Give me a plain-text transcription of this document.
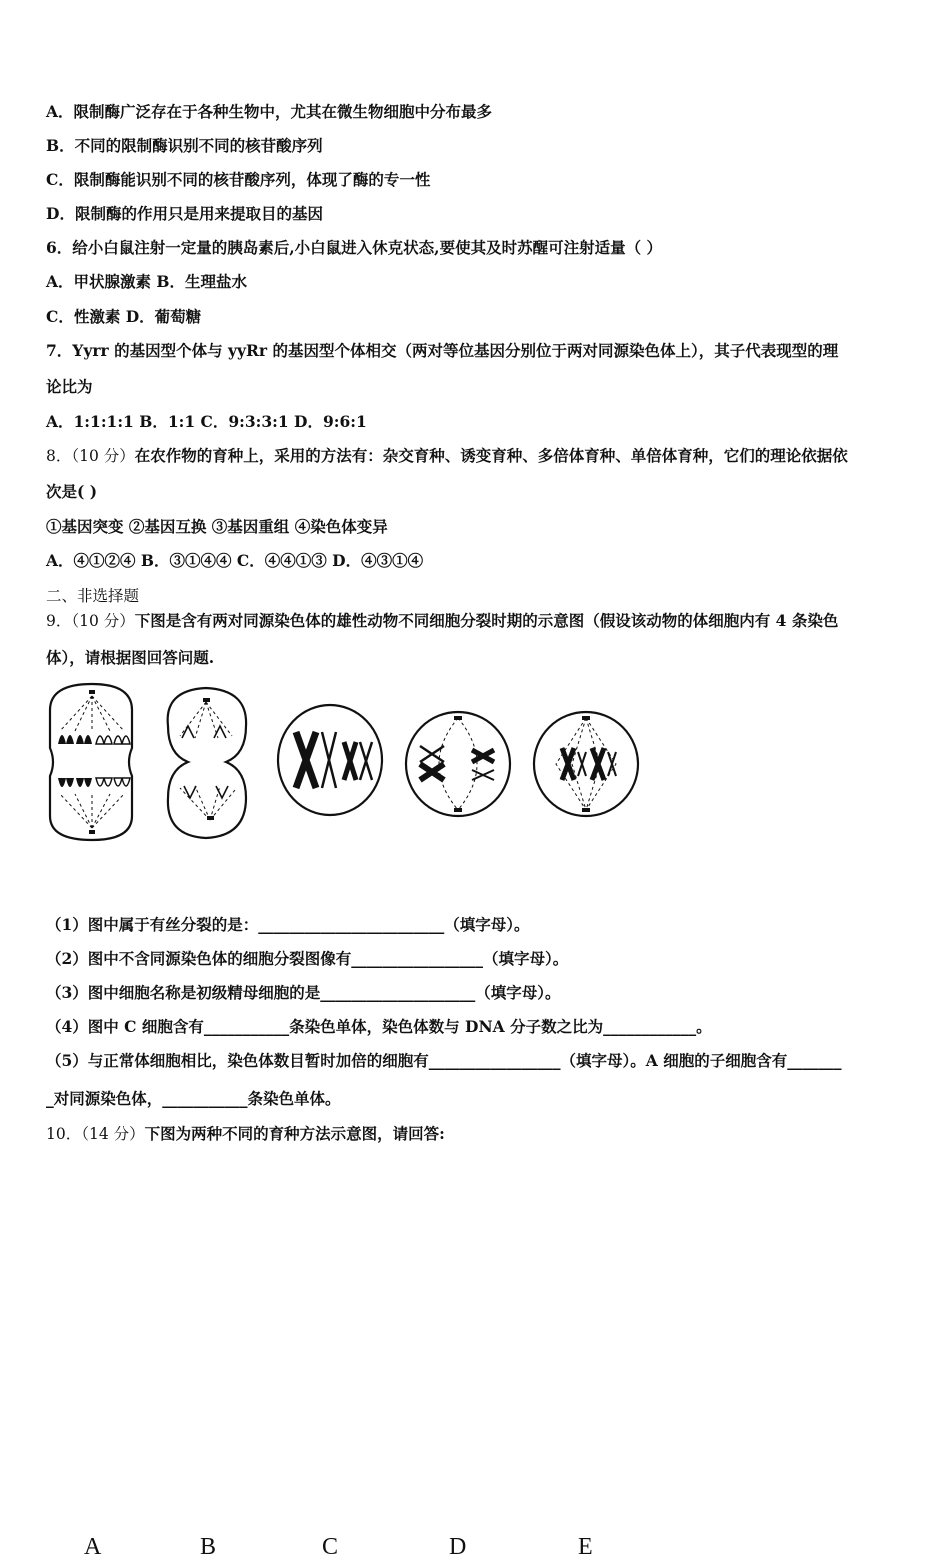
A．限制酶广泛存在于各种生物中，尤其在微生物细胞中分布最多
B．不同的限制酶识别不同的核苷酸序列
C．限制酶能识别不同的核苷酸序列，体现了酶的专一性
D．限制酶的作用只是用来提取目的基因
6．给小白鼠注射一定量的胰岛素后,小白鼠进入休克状态,要使其及时苏醒可注射适量（ ）
A．甲状腺激素 B．生理盐水
C．性激素 D．葡萄糖
7．Yyrr 的基因型个体与 yyRr 的基因型个体相交（两对等位基因分别位于两对同源染色体上），其子代表现型的理
论比为
A．1:1:1:1 B．1:1 C．9:3:3:1 D．9:6:1
8．（10 分）在农作物的育种上，采用的方法有：杂交育种、诱变育种、多倍体育种、单倍体育种，它们的理论依据依
次是( )
①基因突变 ②基因互换 ③基因重组 ④染色体变异
A．④①②④ B．③①④④ C．④④①③ D．④③①④
二、非选择题
9．（10 分）下图是含有两对同源染色体的雄性动物不同细胞分裂时期的示意图（假设该动物的体细胞内有 4 条染色
体），请根据图回答问题.
A	B	C	D	E
（1）图中属于有丝分裂的是：________________________（填字母）。
（2）图中不含同源染色体的细胞分裂图像有_________________（填字母）。
（3）图中细胞名称是初级精母细胞的是____________________（填字母）。
（4）图中 C 细胞含有___________条染色单体，染色体数与 DNA 分子数之比为____________。
（5）与正常体细胞相比，染色体数目暂时加倍的细胞有_________________（填字母）。A 细胞的子细胞含有_______
_对同源染色体，___________条染色单体。
10．（14 分）下图为两种不同的育种方法示意图，请回答:
